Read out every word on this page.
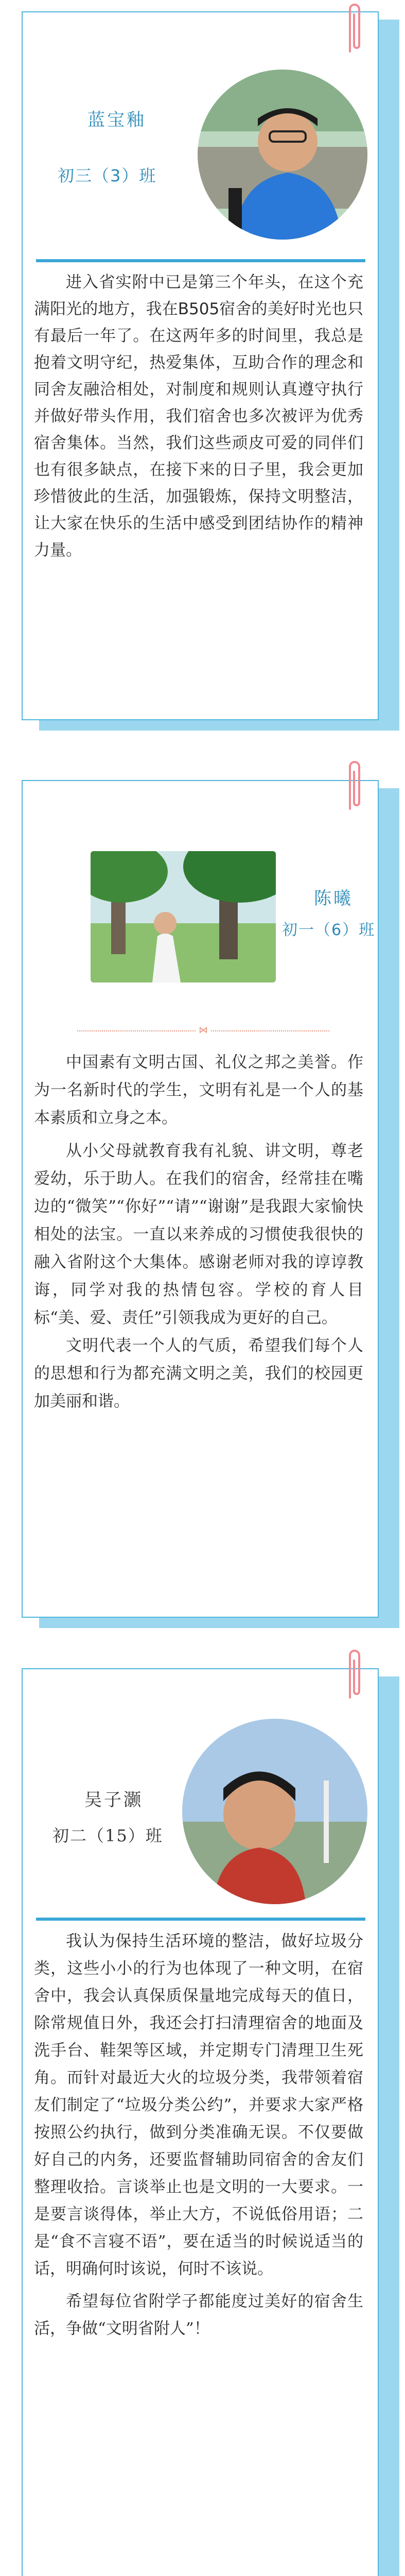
蓝宝釉
初三（3）班

进入省实附中已是第三个年头，在这个充满阳光的地方，我在B505宿舍的美好时光也只有最后一年了。在这两年多的时间里，我总是抱着文明守纪，热爱集体，互助合作的理念和同舍友融洽相处，对制度和规则认真遵守执行并做好带头作用，我们宿舍也多次被评为优秀宿舍集体。当然，我们这些顽皮可爱的同伴们也有很多缺点，在接下来的日子里，我会更加珍惜彼此的生活，加强锻炼，保持文明整洁，让大家在快乐的生活中感受到团结协作的精神力量。

陈曦
初一（6）班
⋈

中国素有文明古国、礼仪之邦之美誉。作为一名新时代的学生，文明有礼是一个人的基本素质和立身之本。

从小父母就教育我有礼貌、讲文明，尊老爱幼，乐于助人。在我们的宿舍，经常挂在嘴边的“微笑”“你好”“请”“谢谢”是我跟大家愉快相处的法宝。一直以来养成的习惯使我很快的融入省附这个大集体。感谢老师对我的谆谆教诲，同学对我的热情包容。学校的育人目标“美、爱、责任”引领我成为更好的自己。

文明代表一个人的气质，希望我们每个人的思想和行为都充满文明之美，我们的校园更加美丽和谐。

吴子灏
初二（15）班

我认为保持生活环境的整洁，做好垃圾分类，这些小小的行为也体现了一种文明，在宿舍中，我会认真保质保量地完成每天的值日，除常规值日外，我还会打扫清理宿舍的地面及洗手台、鞋架等区域，并定期专门清理卫生死角。而针对最近大火的垃圾分类，我带领着宿友们制定了“垃圾分类公约”，并要求大家严格按照公约执行，做到分类准确无误。不仅要做好自己的内务，还要监督辅助同宿舍的舍友们整理收拾。言谈举止也是文明的一大要求。一是要言谈得体，举止大方，不说低俗用语；二是“食不言寝不语”，要在适当的时候说适当的话，明确何时该说，何时不该说。

希望每位省附学子都能度过美好的宿舍生活，争做“文明省附人”！
